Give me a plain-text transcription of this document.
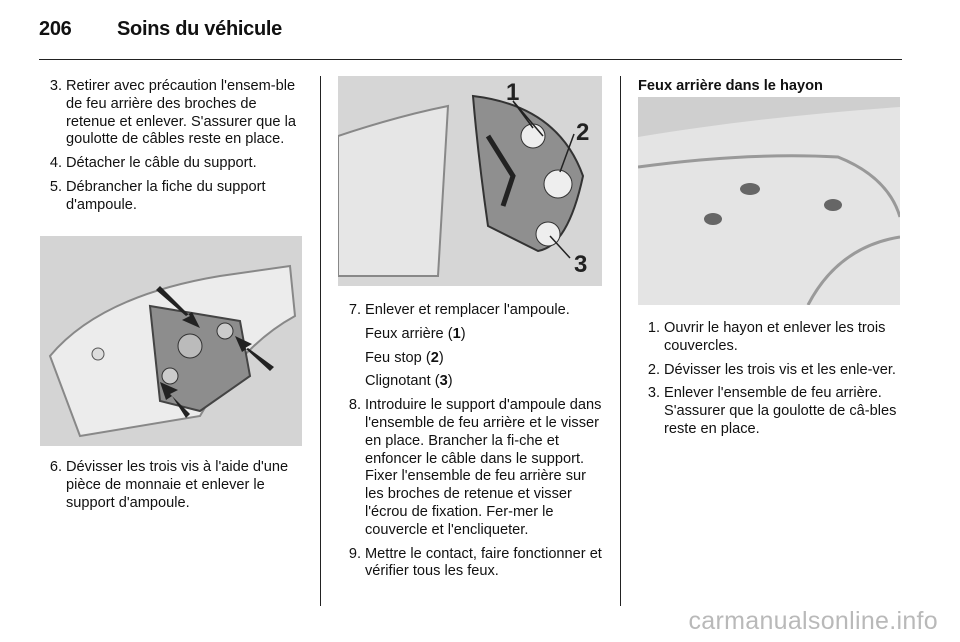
206 Soins du véhicule
3. Retirer avec précaution l'ensem-ble de feu arrière des broches de retenue et enlever. S'assurer que la goulotte de câbles reste en place.
4. Détacher le câble du support.
5. Débrancher la fiche du support d'ampoule.
6. Dévisser les trois vis à l'aide d'une pièce de monnaie et enlever le support d'ampoule.
1
2
3
7. Enlever et remplacer l'ampoule.
Feux arrière (1)
Feu stop (2)
Clignotant (3)
8. Introduire le support d'ampoule dans l'ensemble de feu arrière et le visser en place. Brancher la fi-che et enfoncer le câble dans le support. Fixer l'ensemble de feu arrière sur les broches de retenue et visser l'écrou de fixation. Fer-mer le couvercle et l'encliqueter.
9. Mettre le contact, faire fonctionner et vérifier tous les feux.
Feux arrière dans le hayon
1. Ouvrir le hayon et enlever les trois couvercles.
2. Dévisser les trois vis et les enle-ver.
3. Enlever l'ensemble de feu arrière. S'assurer que la goulotte de câ-bles reste en place.
carmanualsonline.info
